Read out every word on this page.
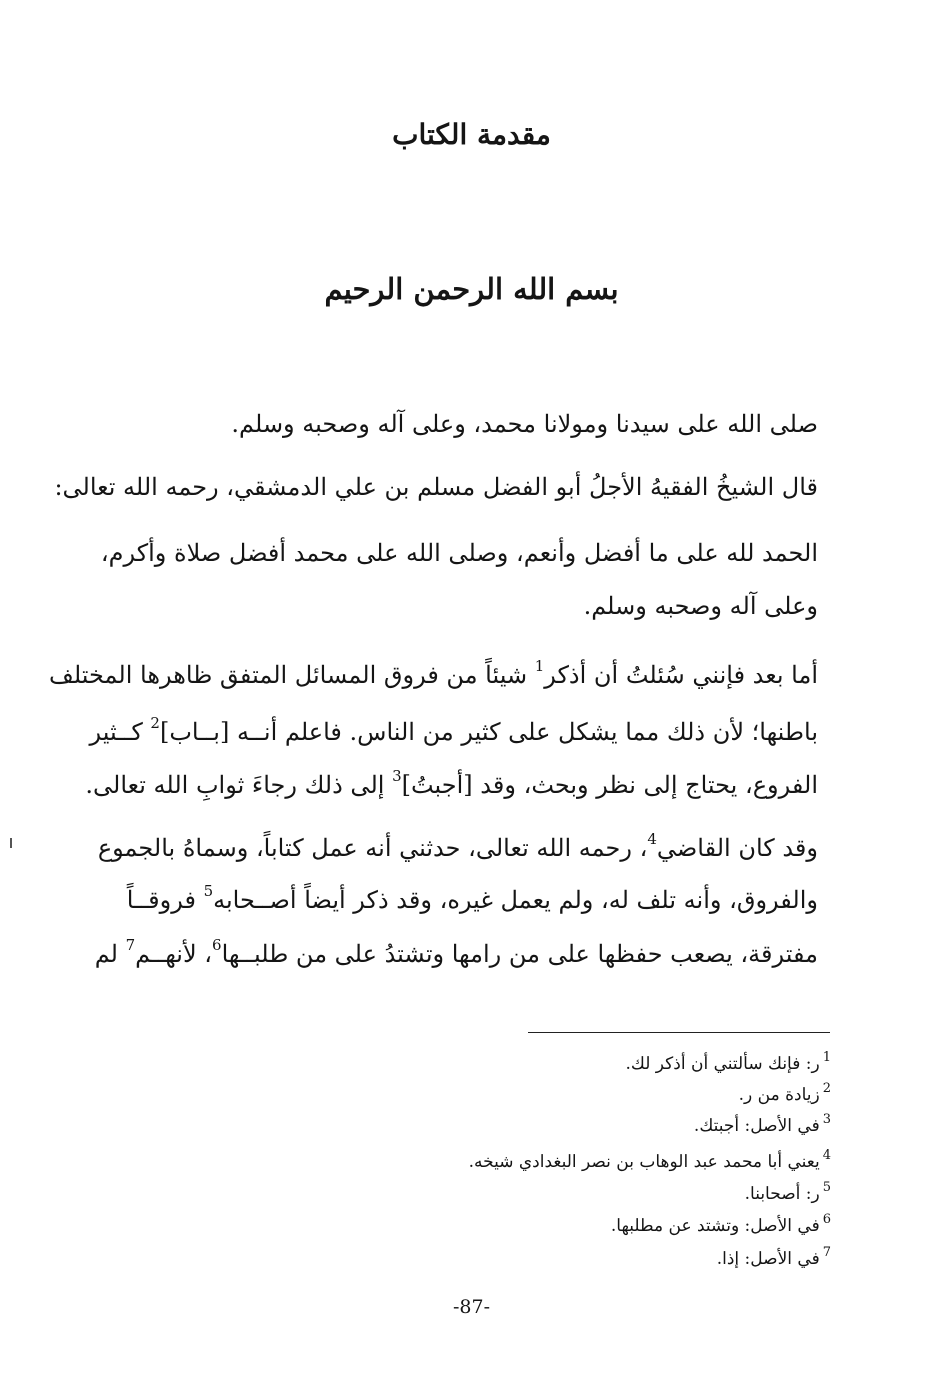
مقدمة الكتاب
بسم الله الرحمن الرحيم

صلى الله على سيدنا ومولانا محمد، وعلى آله وصحبه وسلم.

قال الشيخُ الفقيهُ الأجلُ أبو الفضل مسلم بن علي الدمشقي، رحمه الله تعالى:

الحمد لله على ما أفضل وأنعم، وصلى الله على محمد أفضل صلاة وأكرم،

وعلى آله وصحبه وسلم.

أما بعد فإنني سُئلتُ أن أذكر$^1$ شيئاً من فروق المسائل المتفق ظاهرها المختلف

باطنها؛ لأن ذلك مما يشكل على كثير من الناس. فاعلم أنــه [بــاب]$^2$ كــثير

الفروع، يحتاج إلى نظر وبحث، وقد [أجبتُ]$^3$ إلى ذلك رجاءَ ثوابِ الله تعالى.

وقد كان القاضي$^4$، رحمه الله تعالى، حدثني أنه عمل كتاباً، وسماهُ بالجموع

والفروق، وأنه تلف له، ولم يعمل غيره، وقد ذكر أيضاً أصــحابه$^5$ فروقــاً

مفترقة، يصعب حفظها على من رامها وتشتدُ على من طلبــها$^6$، لأنهــم$^7$ لم

$^1$ر: فإنك سألتني أن أذكر لك.
$^2$زيادة من ر.
$^3$في الأصل: أجبتك.
$^4$يعني أبا محمد عبد الوهاب بن نصر البغدادي شيخه.
$^5$ر: أصحابنا.
$^6$في الأصل: وتشتد عن مطلبها.
$^7$في الأصل: إذا.
-87-
